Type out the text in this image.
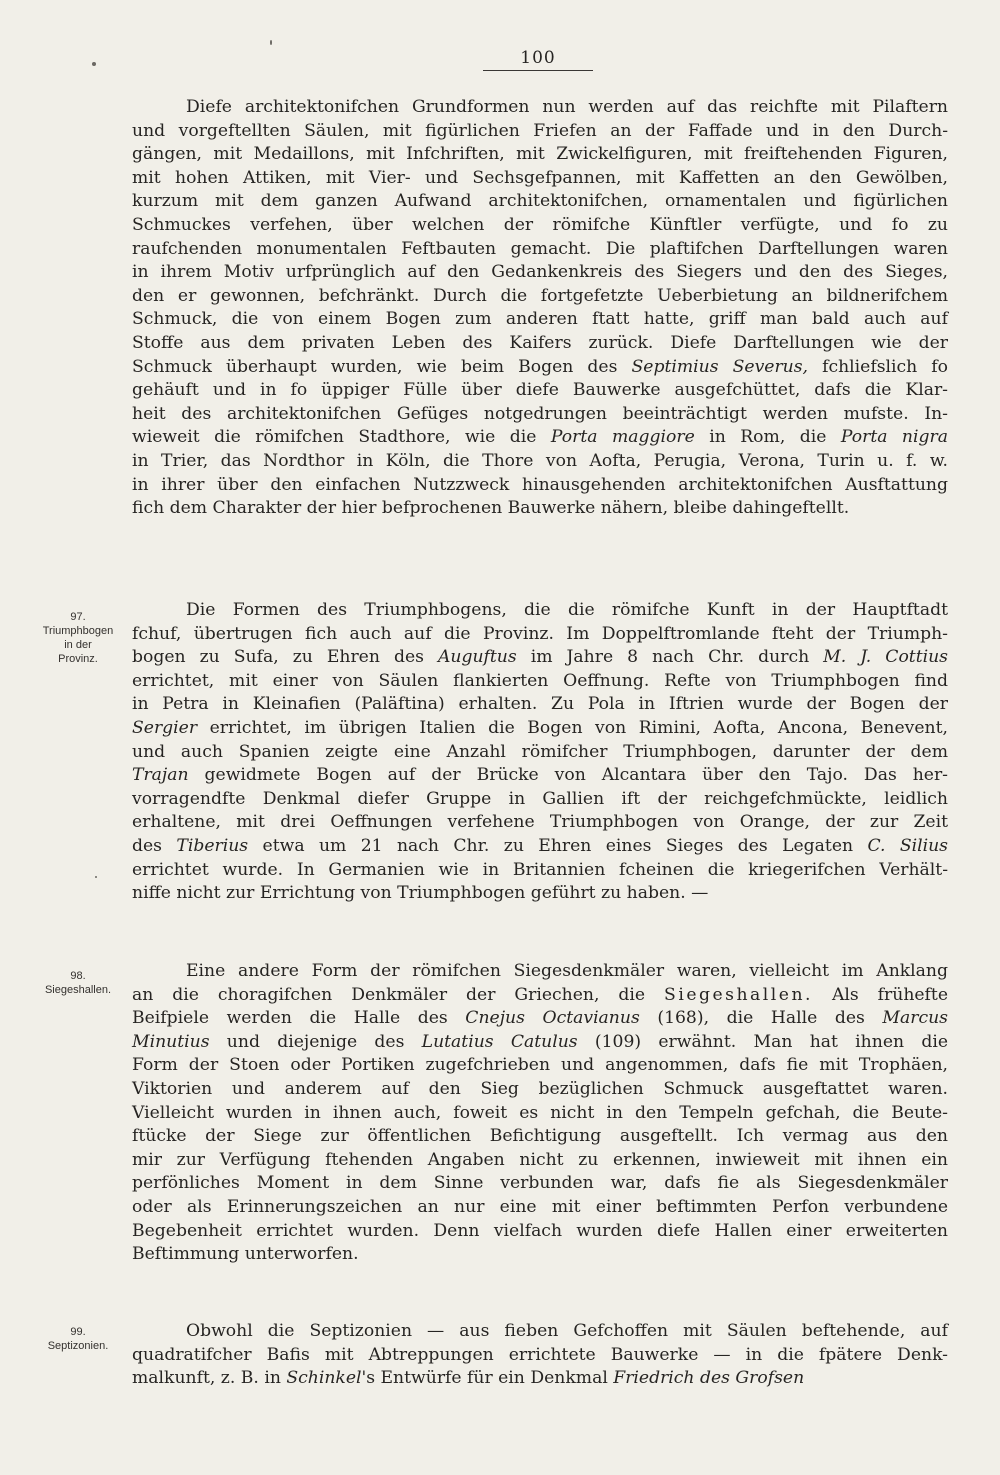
100
Diefe architektonifchen Grundformen nun werden auf das reichfte mit Pilaftern
und vorgeftellten Säulen, mit figürlichen Friefen an der Faffade und in den Durch-
gängen, mit Medaillons, mit Infchriften, mit Zwickelfiguren, mit freiftehenden Figuren,
mit hohen Attiken, mit Vier- und Sechsgefpannen, mit Kaffetten an den Gewölben,
kurzum mit dem ganzen Aufwand architektonifchen, ornamentalen und figürlichen
Schmuckes verfehen, über welchen der römifche Künftler verfügte, und fo zu
raufchenden monumentalen Feftbauten gemacht. Die plaftifchen Darftellungen waren
in ihrem Motiv urfprünglich auf den Gedankenkreis des Siegers und den des Sieges,
den er gewonnen, befchränkt. Durch die fortgefetzte Ueberbietung an bildnerifchem
Schmuck, die von einem Bogen zum anderen ftatt hatte, griff man bald auch auf
Stoffe aus dem privaten Leben des Kaifers zurück. Diefe Darftellungen wie der
Schmuck überhaupt wurden, wie beim Bogen des Septimius Severus, fchliefslich fo
gehäuft und in fo üppiger Fülle über diefe Bauwerke ausgefchüttet, dafs die Klar-
heit des architektonifchen Gefüges notgedrungen beeinträchtigt werden mufste. In-
wieweit die römifchen Stadthore, wie die Porta maggiore in Rom, die Porta nigra
in Trier, das Nordthor in Köln, die Thore von Aofta, Perugia, Verona, Turin u. f. w.
in ihrer über den einfachen Nutzzweck hinausgehenden architektonifchen Ausftattung
fich dem Charakter der hier befprochenen Bauwerke nähern, bleibe dahingeftellt.
Die Formen des Triumphbogens, die die römifche Kunft in der Hauptftadt
fchuf, übertrugen fich auch auf die Provinz. Im Doppelftromlande fteht der Triumph-
bogen zu Sufa, zu Ehren des Auguftus im Jahre 8 nach Chr. durch M. J. Cottius
errichtet, mit einer von Säulen flankierten Oeffnung. Refte von Triumphbogen find
in Petra in Kleinafien (Paläftina) erhalten. Zu Pola in Iftrien wurde der Bogen der
Sergier errichtet, im übrigen Italien die Bogen von Rimini, Aofta, Ancona, Benevent,
und auch Spanien zeigte eine Anzahl römifcher Triumphbogen, darunter der dem
Trajan gewidmete Bogen auf der Brücke von Alcantara über den Tajo. Das her-
vorragendfte Denkmal diefer Gruppe in Gallien ift der reichgefchmückte, leidlich
erhaltene, mit drei Oeffnungen verfehene Triumphbogen von Orange, der zur Zeit
des Tiberius etwa um 21 nach Chr. zu Ehren eines Sieges des Legaten C. Silius
errichtet wurde. In Germanien wie in Britannien fcheinen die kriegerifchen Verhält-
niffe nicht zur Errichtung von Triumphbogen geführt zu haben. —
Eine andere Form der römifchen Siegesdenkmäler waren, vielleicht im Anklang
an die choragifchen Denkmäler der Griechen, die Siegeshallen. Als frühefte
Beifpiele werden die Halle des Cnejus Octavianus (168), die Halle des Marcus
Minutius und diejenige des Lutatius Catulus (109) erwähnt. Man hat ihnen die
Form der Stoen oder Portiken zugefchrieben und angenommen, dafs fie mit Trophäen,
Viktorien und anderem auf den Sieg bezüglichen Schmuck ausgeftattet waren.
Vielleicht wurden in ihnen auch, foweit es nicht in den Tempeln gefchah, die Beute-
ftücke der Siege zur öffentlichen Befichtigung ausgeftellt. Ich vermag aus den
mir zur Verfügung ftehenden Angaben nicht zu erkennen, inwieweit mit ihnen ein
perfönliches Moment in dem Sinne verbunden war, dafs fie als Siegesdenkmäler
oder als Erinnerungszeichen an nur eine mit einer beftimmten Perfon verbundene
Begebenheit errichtet wurden. Denn vielfach wurden diefe Hallen einer erweiterten
Beftimmung unterworfen.
Obwohl die Septizonien — aus fieben Gefchoffen mit Säulen beftehende, auf
quadratifcher Bafis mit Abtreppungen errichtete Bauwerke — in die fpätere Denk-
malkunft, z. B. in Schinkel's Entwürfe für ein Denkmal Friedrich des Grofsen
97.
Triumphbogen
in der
Provinz.
98.
Siegeshallen.
99.
Septizonien.
